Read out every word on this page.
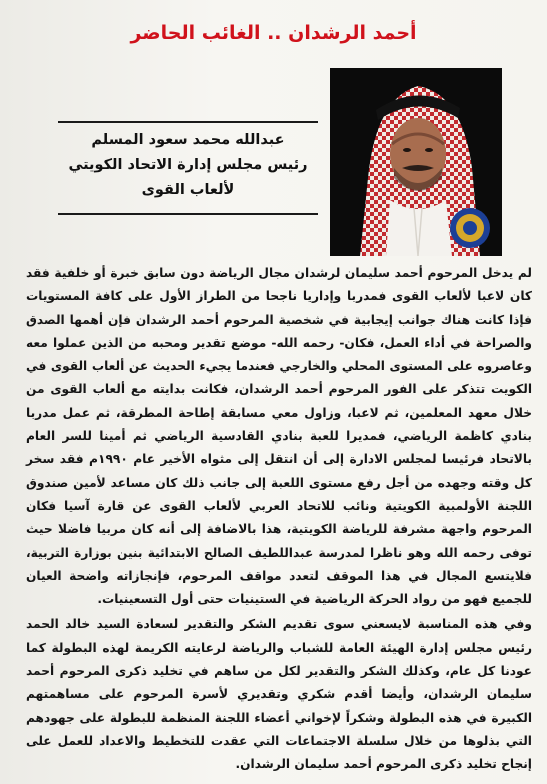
أحمد الرشدان .. الغائب الحاضر
عبدالله محمد سعود المسلم
رئيس مجلس إدارة الاتحاد الكويتي
لألعاب القوى

لم يدخل المرحوم أحمد سليمان لرشدان مجال الرياضة دون سابق خبرة أو خلفية فقد كان لاعبا لألعاب القوى فمدربا وإداريا ناجحا من الطراز الأول على كافة المستويات فإذا كانت هناك جوانب إيجابية في شخصية المرحوم أحمد الرشدان فإن أهمها الصدق والصراحة في أداء العمل، فكان- رحمه الله- موضع تقدير ومحبه من الذين عملوا معه وعاصروه على المستوى المحلي والخارجي فعندما يجيء الحديث عن ألعاب القوى في الكويت تتذكر على الفور المرحوم أحمد الرشدان، فكانت بدايته مع ألعاب القوى من خلال معهد المعلمين، ثم لاعبا، وزاول معي مسابقة إطاحة المطرقة، ثم عمل مدربا بنادي كاظمة الرياضي، فمديرا للعبة بنادي القادسية الرياضي ثم أمينا للسر العام بالاتحاد فرئيسا لمجلس الادارة إلى أن انتقل إلى مثواه الأخير عام ١٩٩٠م فقد سخر كل وقته وجهده من أجل رفع مستوى اللعبة إلى جانب ذلك كان مساعد لأمين صندوق اللجنة الأولمبية الكويتية ونائب للاتحاد العربي لألعاب القوى عن قارة آسيا فكان المرحوم واجهة مشرفة للرياضة الكويتية، هذا بالاضافة إلى أنه كان مربيا فاضلا حيث توفى رحمه الله وهو ناظرا لمدرسة عبداللطيف الصالح الابتدائية بنين بوزارة التربية، فلايتسع المجال في هذا الموقف لتعدد مواقف المرحوم، فإنجازاته واضحة العيان للجميع فهو من رواد الحركة الرياضية في الستينيات حتى أول التسعينيات.

وفي هذه المناسبة لايسعني سوى تقديم الشكر والتقدير لسعادة السيد خالد الحمد رئيس مجلس إدارة الهيئة العامة للشباب والرياضة لرعايته الكريمة لهذه البطولة كما عودنا كل عام، وكذلك الشكر والتقدير لكل من ساهم في تخليد ذكرى المرحوم أحمد سليمان الرشدان، وأيضا أقدم شكري وتقديري لأسرة المرحوم على مساهمتهم الكبيرة في هذه البطولة وشكراً لإخواني أعضاء اللجنة المنظمة للبطولة على جهودهم التي بذلوها من خلال سلسلة الاجتماعات التي عقدت للتخطيط والاعداد للعمل على إنجاح تخليد ذكرى المرحوم أحمد سليمان الرشدان.
